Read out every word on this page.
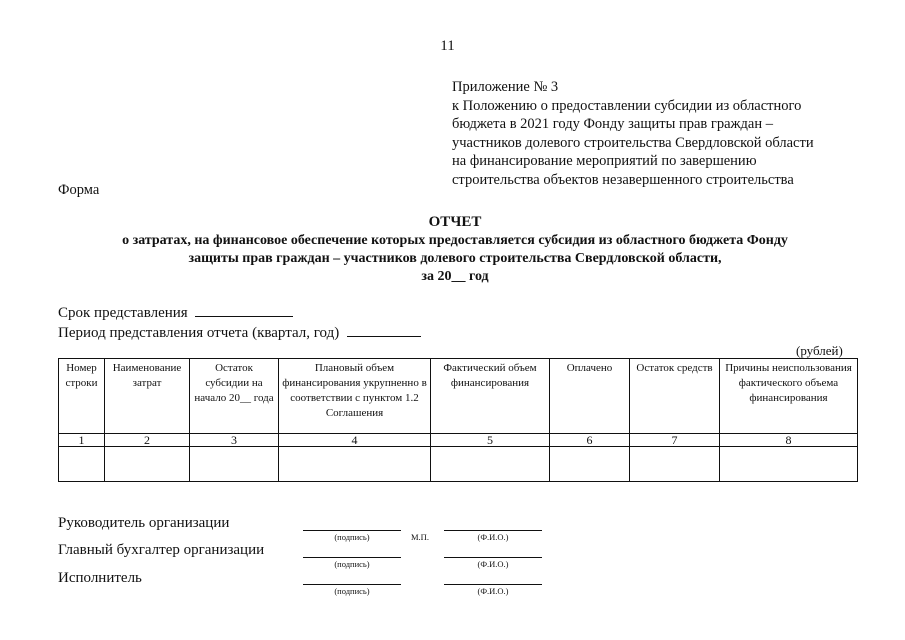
11
Приложение № 3
к Положению о предоставлении субсидии из областного
бюджета в 2021 году Фонду защиты прав граждан –
участников долевого строительства Свердловской области
на финансирование мероприятий по завершению
строительства объектов незавершенного строительства
Форма
ОТЧЕТ
о затратах, на финансовое обеспечение которых предоставляется субсидия из областного бюджета Фонду
защиты прав граждан – участников долевого строительства Свердловской области,
за 20__ год
Срок представления
Период представления отчета (квартал, год)
(рублей)
Номер строки	Наименование затрат	Остаток субсидии на начало 20__ года	Плановый объем финансирования укрупненно в соответствии с пунктом 1.2 Соглашения	Фактический объем финансирования	Оплачено	Остаток средств	Причины неиспользования фактического объема финансирования
1	2	3	4	5	6	7	8

Руководитель организации
Главный бухгалтер организации
Исполнитель
(подпись)	М.П.	(Ф.И.О.)
(подпись)	(Ф.И.О.)
(подпись)	(Ф.И.О.)
